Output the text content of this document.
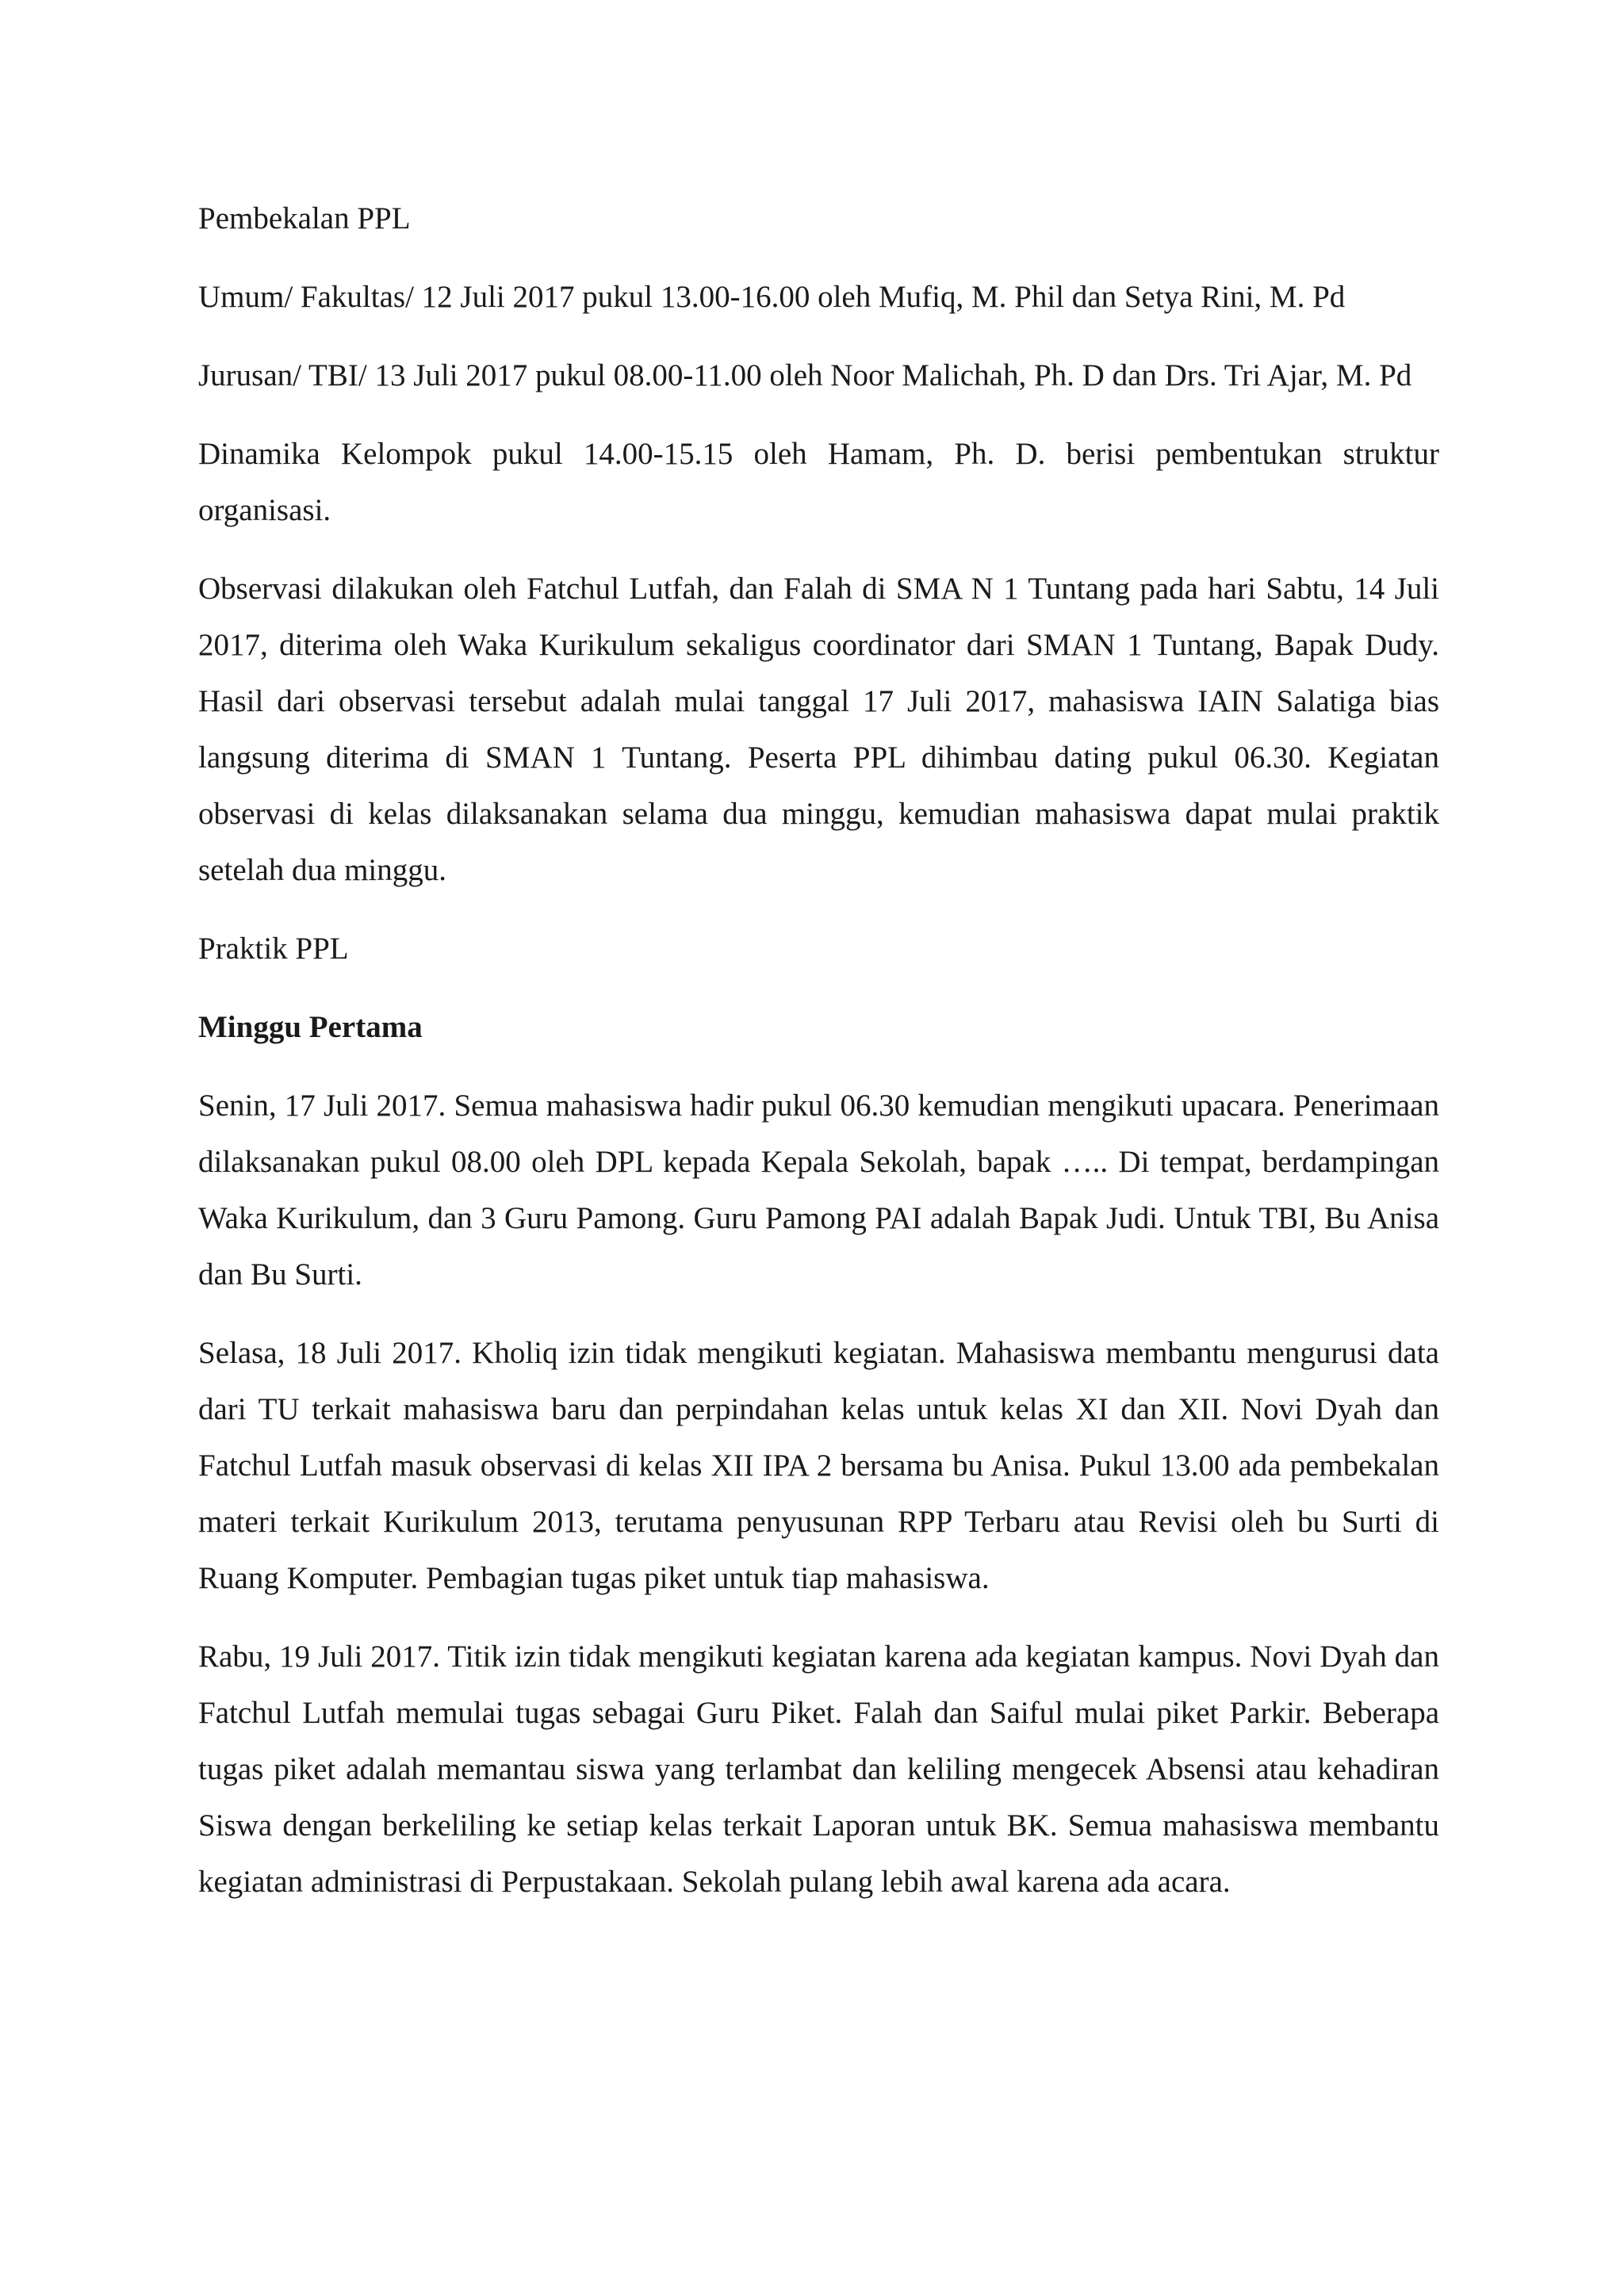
Pembekalan PPL

Umum/ Fakultas/ 12 Juli 2017 pukul 13.00-16.00 oleh Mufiq, M. Phil dan Setya Rini, M. Pd

Jurusan/ TBI/ 13 Juli 2017 pukul 08.00-11.00 oleh Noor Malichah, Ph. D dan Drs. Tri Ajar, M. Pd

Dinamika Kelompok pukul 14.00-15.15 oleh Hamam, Ph. D. berisi pembentukan struktur organisasi.

Observasi dilakukan oleh Fatchul Lutfah, dan Falah di SMA N 1 Tuntang pada hari Sabtu, 14 Juli 2017, diterima oleh Waka Kurikulum sekaligus coordinator dari SMAN 1 Tuntang, Bapak Dudy. Hasil dari observasi tersebut adalah mulai tanggal 17 Juli 2017, mahasiswa IAIN Salatiga bias langsung diterima di SMAN 1 Tuntang. Peserta PPL dihimbau dating pukul 06.30. Kegiatan observasi di kelas dilaksanakan selama dua minggu, kemudian mahasiswa dapat mulai praktik setelah dua minggu.

Praktik PPL

Minggu Pertama

Senin, 17 Juli 2017. Semua mahasiswa hadir pukul 06.30 kemudian mengikuti upacara. Penerimaan dilaksanakan pukul 08.00 oleh DPL kepada Kepala Sekolah, bapak ….. Di tempat, berdampingan Waka Kurikulum, dan 3 Guru Pamong. Guru Pamong PAI adalah Bapak Judi. Untuk TBI, Bu Anisa dan Bu Surti.

Selasa, 18 Juli 2017. Kholiq izin tidak mengikuti kegiatan. Mahasiswa membantu mengurusi data dari TU terkait mahasiswa baru dan perpindahan kelas untuk kelas XI dan XII. Novi Dyah dan Fatchul Lutfah masuk observasi di kelas XII IPA 2 bersama bu Anisa. Pukul 13.00 ada pembekalan materi terkait Kurikulum 2013, terutama penyusunan RPP Terbaru atau Revisi oleh bu Surti di Ruang Komputer. Pembagian tugas piket untuk tiap mahasiswa.

Rabu, 19 Juli 2017. Titik izin tidak mengikuti kegiatan karena ada kegiatan kampus. Novi Dyah dan Fatchul Lutfah memulai tugas sebagai Guru Piket. Falah dan Saiful mulai piket Parkir. Beberapa tugas piket adalah memantau siswa yang terlambat dan keliling mengecek Absensi atau kehadiran Siswa dengan berkeliling ke setiap kelas terkait Laporan untuk BK. Semua mahasiswa membantu kegiatan administrasi di Perpustakaan. Sekolah pulang lebih awal karena ada acara.
